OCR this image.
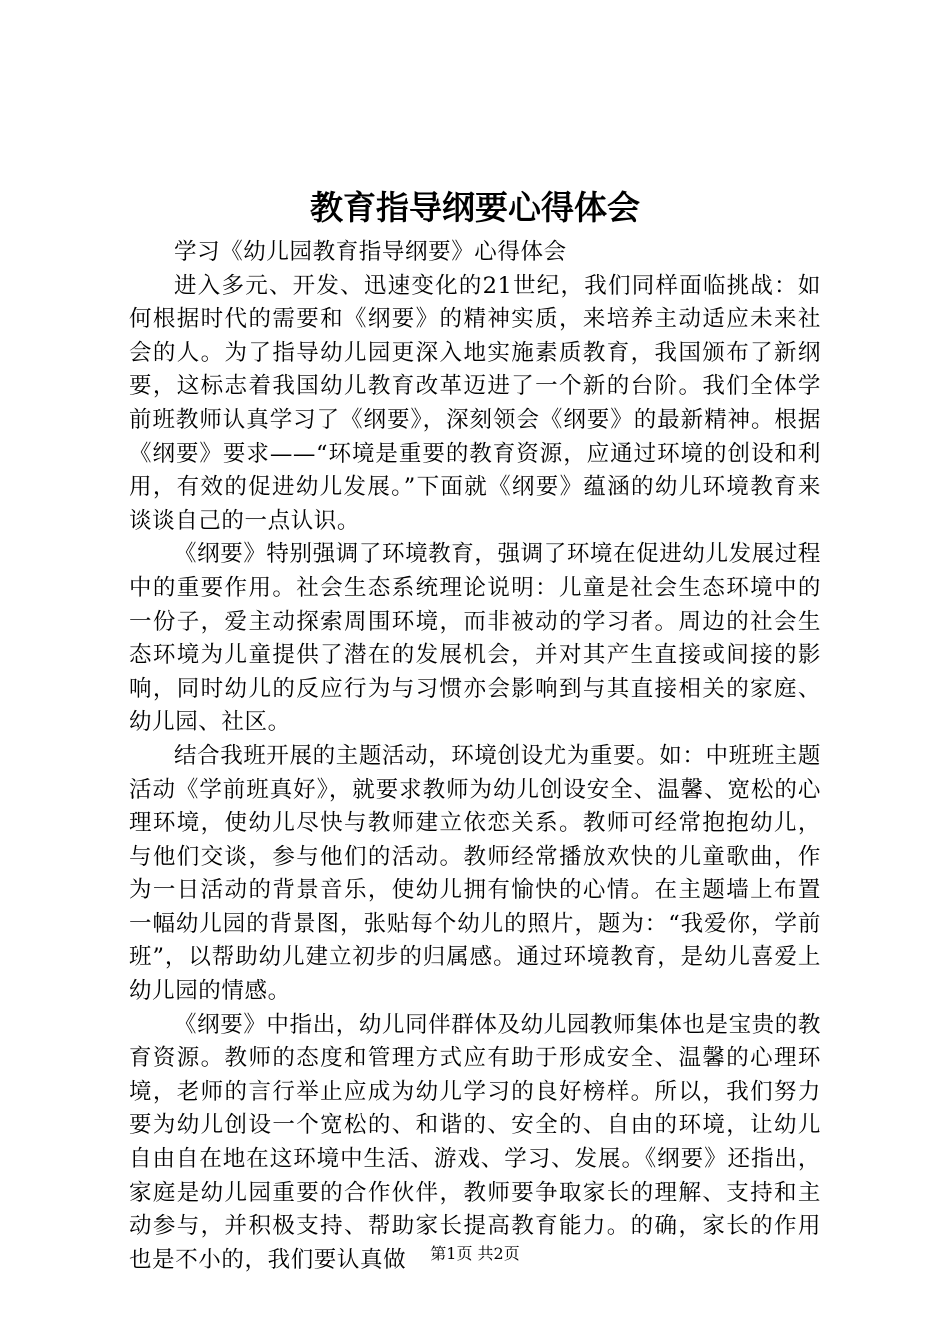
教育指导纲要心得体会

学习《幼儿园教育指导纲要》心得体会

进入多元、开发、迅速变化的21世纪，我们同样面临挑战：如何根据时代的需要和《纲要》的精神实质，来培养主动适应未来社会的人。为了指导幼儿园更深入地实施素质教育，我国颁布了新纲要，这标志着我国幼儿教育改革迈进了一个新的台阶。我们全体学前班教师认真学习了《纲要》，深刻领会《纲要》的最新精神。根据《纲要》要求——“环境是重要的教育资源，应通过环境的创设和利用，有效的促进幼儿发展。”下面就《纲要》蕴涵的幼儿环境教育来谈谈自己的一点认识。

《纲要》特别强调了环境教育，强调了环境在促进幼儿发展过程中的重要作用。社会生态系统理论说明：儿童是社会生态环境中的一份子，爱主动探索周围环境，而非被动的学习者。周边的社会生态环境为儿童提供了潜在的发展机会，并对其产生直接或间接的影响，同时幼儿的反应行为与习惯亦会影响到与其直接相关的家庭、幼儿园、社区。

结合我班开展的主题活动，环境创设尤为重要。如：中班班主题活动《学前班真好》，就要求教师为幼儿创设安全、温馨、宽松的心理环境，使幼儿尽快与教师建立依恋关系。教师可经常抱抱幼儿，与他们交谈，参与他们的活动。教师经常播放欢快的儿童歌曲，作为一日活动的背景音乐，使幼儿拥有愉快的心情。在主题墙上布置一幅幼儿园的背景图，张贴每个幼儿的照片，题为：“我爱你，学前班”，以帮助幼儿建立初步的归属感。通过环境教育，是幼儿喜爱上幼儿园的情感。

《纲要》中指出，幼儿同伴群体及幼儿园教师集体也是宝贵的教育资源。教师的态度和管理方式应有助于形成安全、温馨的心理环境，老师的言行举止应成为幼儿学习的良好榜样。所以，我们努力要为幼儿创设一个宽松的、和谐的、安全的、自由的环境，让幼儿自由自在地在这环境中生活、游戏、学习、发展。《纲要》还指出，家庭是幼儿园重要的合作伙伴，教师要争取家长的理解、支持和主动参与，并积极支持、帮助家长提高教育能力。的确，家长的作用也是不小的，我们要认真做	第1页 共2页
